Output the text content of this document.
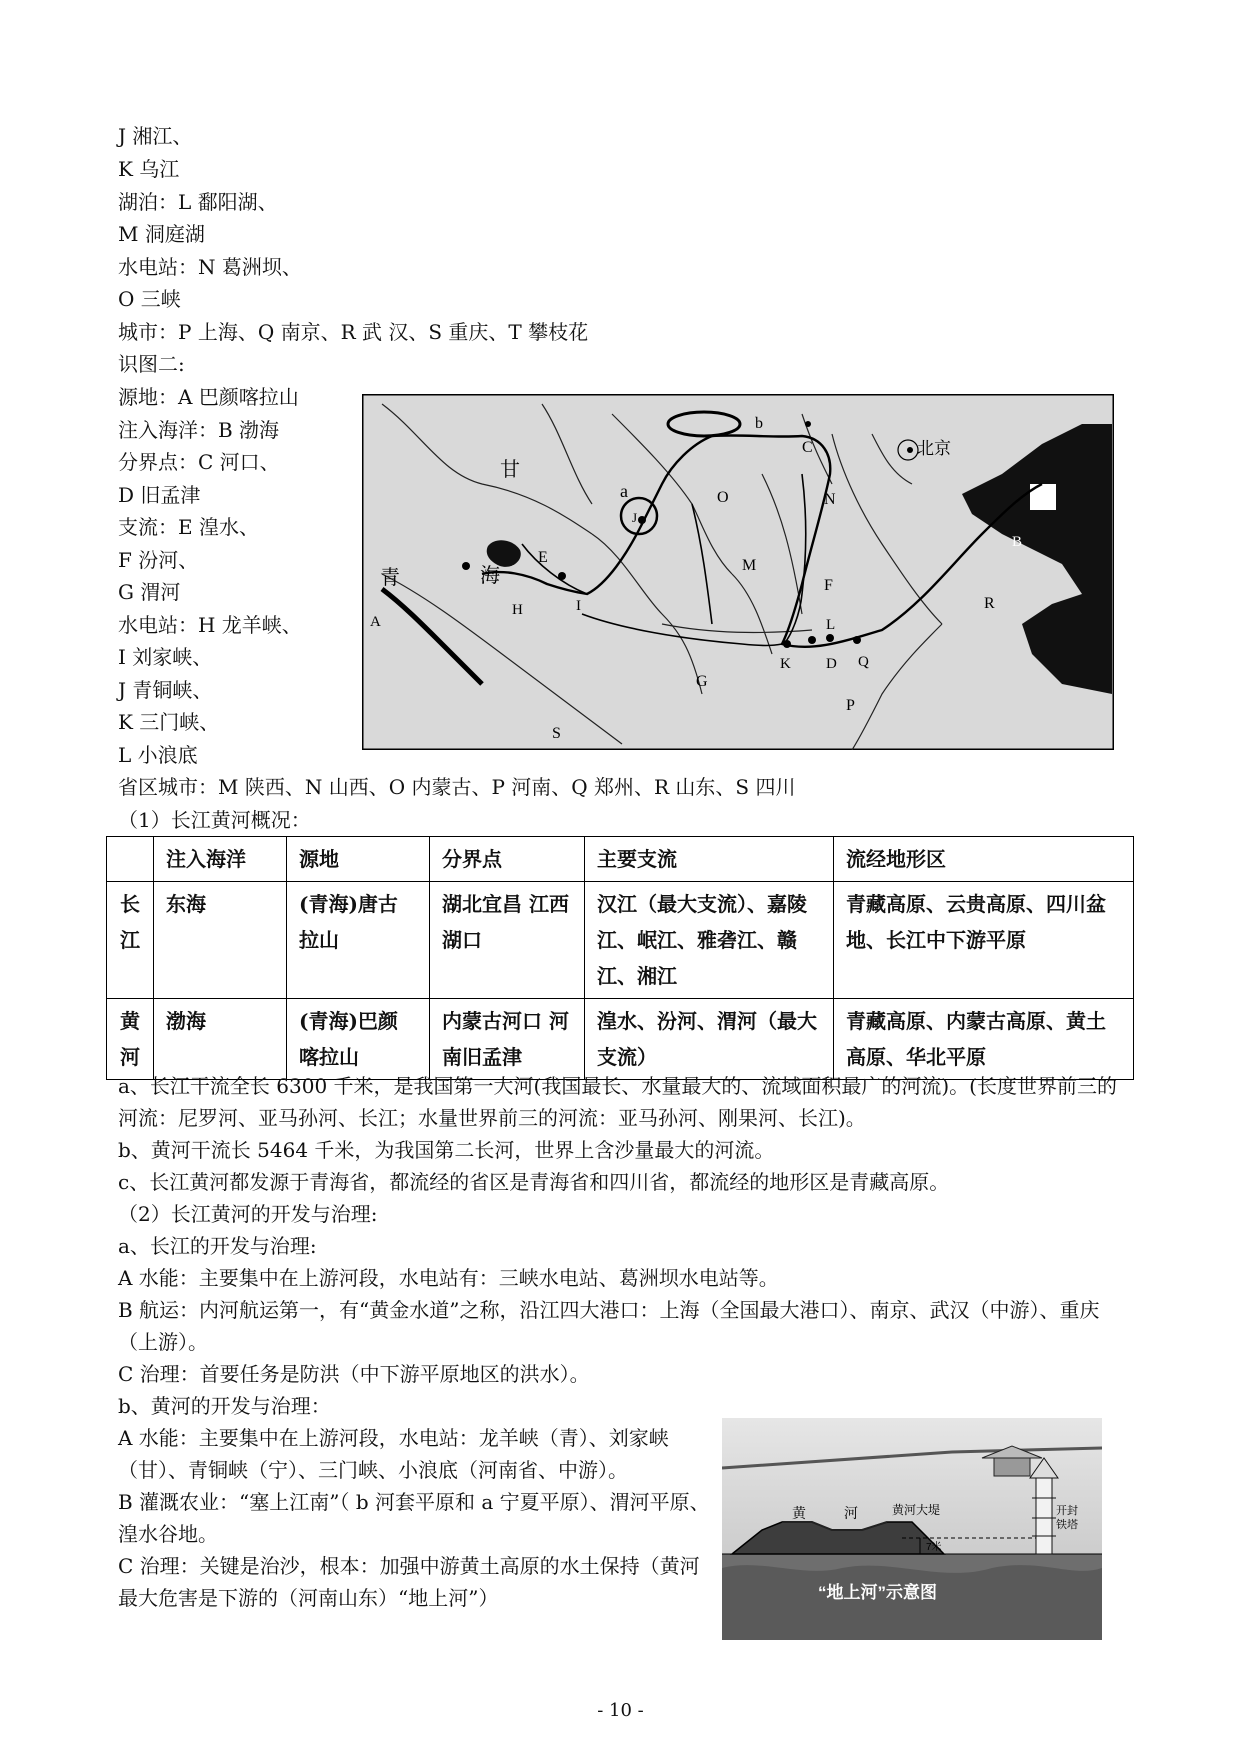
J 湘江、
K 乌江
湖泊：L 鄱阳湖、
M 洞庭湖
水电站：N 葛洲坝、
O 三峡
城市：P 上海、Q 南京、R 武 汉、S 重庆、T 攀枝花
识图二:
源地：A 巴颜喀拉山
注入海洋：B 渤海
分界点：C 河口、
D 旧孟津
支流：E 湟水、
F 汾河、
G 渭河
水电站：H 龙羊峡、
I 刘家峡、
J 青铜峡、
K 三门峡、
L 小浪底
b
C	北京
甘
a
J
O	N
B
E	M
青	海
H	I
F
R
A	L
K D Q
G
P
S
省区城市：M 陕西、N 山西、O 内蒙古、P 河南、Q 郑州、R 山东、S 四川
（1）长江黄河概况：
	注入海洋	源地	分界点	主要支流	流经地形区
长江	东海	(青海)唐古拉山	湖北宜昌 江西湖口	汉江（最大支流）、嘉陵江、岷江、雅砻江、赣江、湘江	青藏高原、云贵高原、四川盆地、长江中下游平原
黄河	渤海	(青海)巴颜喀拉山	内蒙古河口 河南旧孟津	湟水、汾河、渭河（最大支流）	青藏高原、内蒙古高原、黄土高原、华北平原
a、长江干流全长 6300 千米，是我国第一大河(我国最长、水量最大的、流域面积最广的河流)。(长度世界前三的河流：尼罗河、亚马孙河、长江；水量世界前三的河流：亚马孙河、刚果河、长江)。
b、黄河干流长 5464 千米，为我国第二长河，世界上含沙量最大的河流。
c、长江黄河都发源于青海省，都流经的省区是青海省和四川省，都流经的地形区是青藏高原。
（2）长江黄河的开发与治理:
a、长江的开发与治理:
A 水能：主要集中在上游河段，水电站有：三峡水电站、葛洲坝水电站等。
B 航运：内河航运第一，有“黄金水道”之称，沿江四大港口：上海（全国最大港口）、南京、武汉（中游）、重庆（上游）。
C 治理：首要任务是防洪（中下游平原地区的洪水）。
b、黄河的开发与治理：
A 水能：主要集中在上游河段，水电站：龙羊峡（青）、刘家峡（甘）、青铜峡（宁）、三门峡、小浪底（河南省、中游）。
B 灌溉农业：“塞上江南”（ b 河套平原和 a 宁夏平原）、渭河平原、湟水谷地。
C 治理：关键是治沙，根本：加强中游黄土高原的水土保持（黄河最大危害是下游的（河南山东）“地上河”）
黄	河	黄河大堤
7米
开封
铁塔
“地上河”示意图
- 10 -
